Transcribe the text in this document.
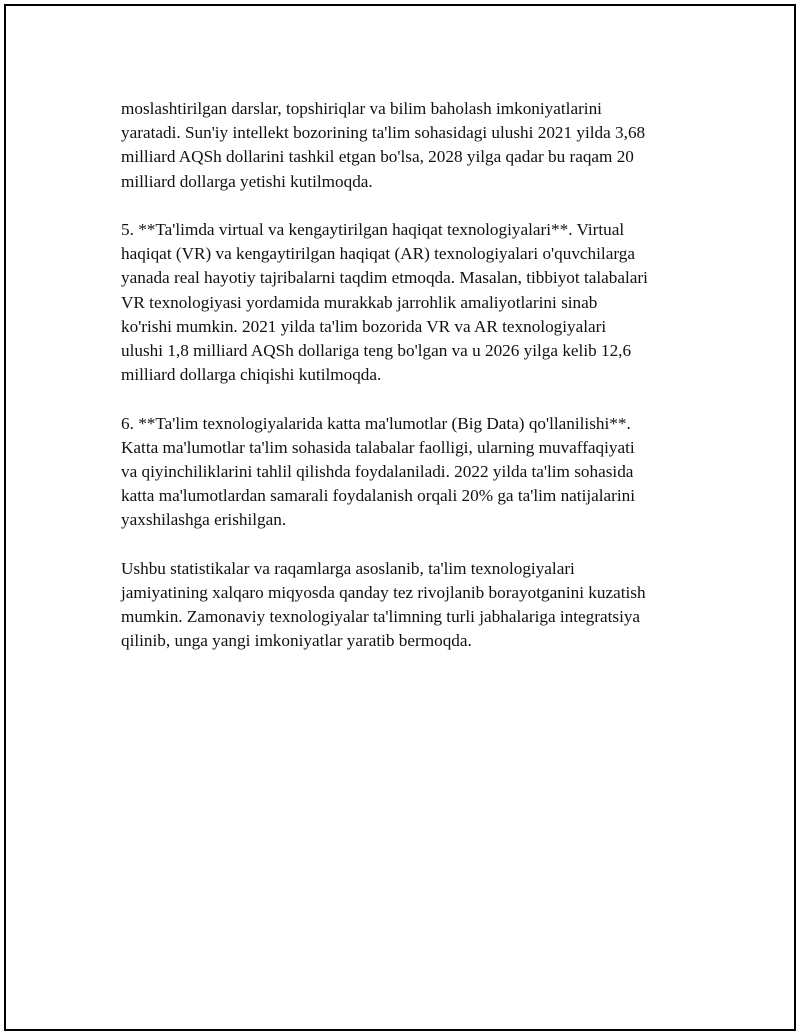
moslashtirilgan darslar, topshiriqlar va bilim baholash imkoniyatlarini
yaratadi. Sun'iy intellekt bozorining ta'lim sohasidagi ulushi 2021 yilda 3,68
milliard AQSh dollarini tashkil etgan bo'lsa, 2028 yilga qadar bu raqam 20
milliard dollarga yetishi kutilmoqda.

5. **Ta'limda virtual va kengaytirilgan haqiqat texnologiyalari**. Virtual
haqiqat (VR) va kengaytirilgan haqiqat (AR) texnologiyalari o'quvchilarga
yanada real hayotiy tajribalarni taqdim etmoqda. Masalan, tibbiyot talabalari
VR texnologiyasi yordamida murakkab jarrohlik amaliyotlarini sinab
ko'rishi mumkin. 2021 yilda ta'lim bozorida VR va AR texnologiyalari
ulushi 1,8 milliard AQSh dollariga teng bo'lgan va u 2026 yilga kelib 12,6
milliard dollarga chiqishi kutilmoqda.

6. **Ta'lim texnologiyalarida katta ma'lumotlar (Big Data) qo'llanilishi**.
Katta ma'lumotlar ta'lim sohasida talabalar faolligi, ularning muvaffaqiyati
va qiyinchiliklarini tahlil qilishda foydalaniladi. 2022 yilda ta'lim sohasida
katta ma'lumotlardan samarali foydalanish orqali 20% ga ta'lim natijalarini
yaxshilashga erishilgan.

Ushbu statistikalar va raqamlarga asoslanib, ta'lim texnologiyalari
jamiyatining xalqaro miqyosda qanday tez rivojlanib borayotganini kuzatish
mumkin. Zamonaviy texnologiyalar ta'limning turli jabhalariga integratsiya
qilinib, unga yangi imkoniyatlar yaratib bermoqda.
